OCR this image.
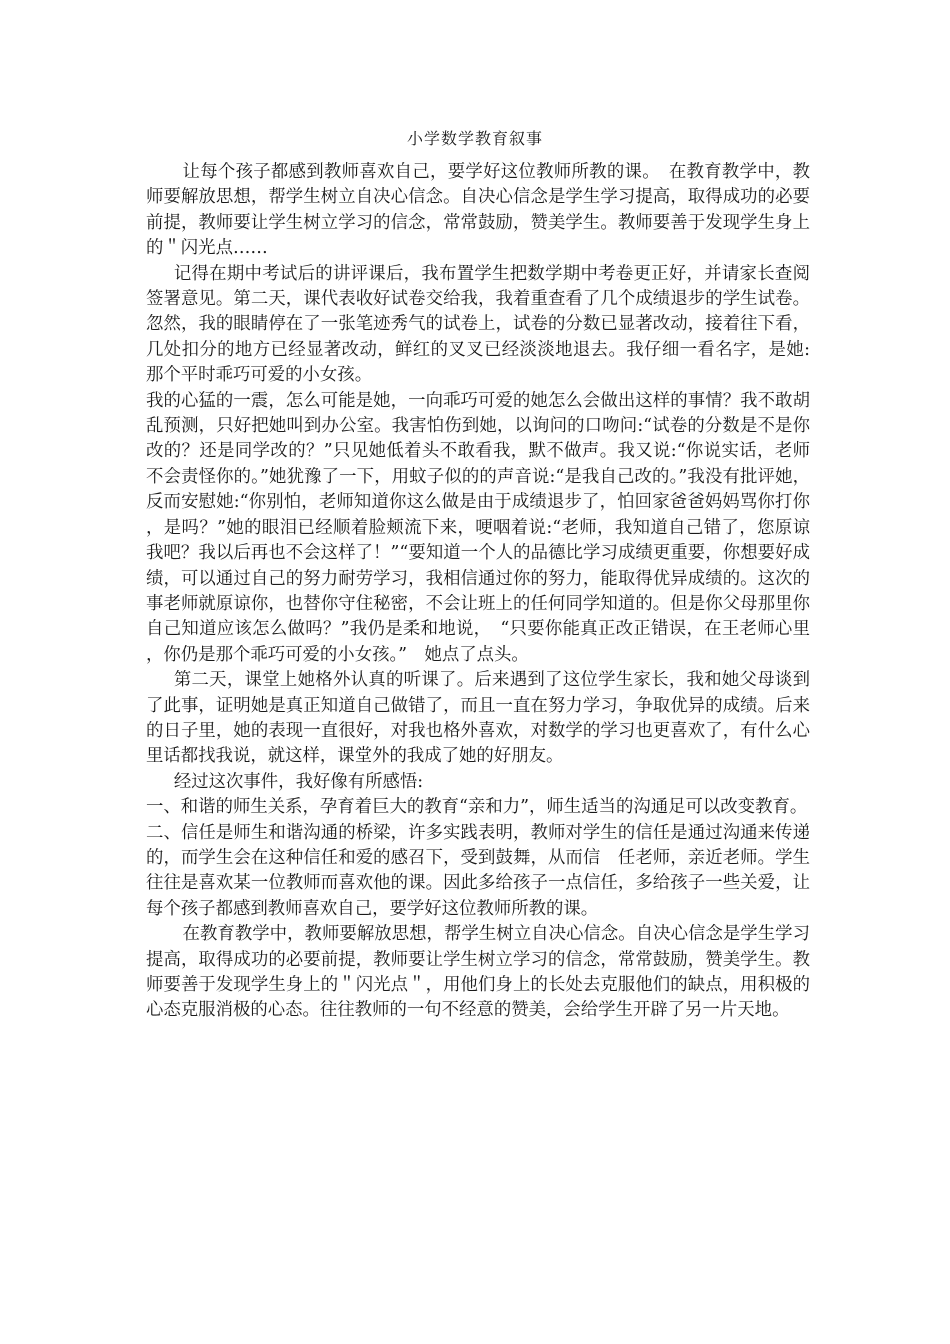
小学数学教育叙事

让每个孩子都感到教师喜欢自己，要学好这位教师所教的课。　在教育教学中，教师要解放思想，帮学生树立自决心信念。自决心信念是学生学习提高，取得成功的必要前提，教师要让学生树立学习的信念，常常鼓励，赞美学生。教师要善于发现学生身上的＂闪光点……

记得在期中考试后的讲评课后，我布置学生把数学期中考卷更正好，并请家长查阅签署意见。第二天，课代表收好试卷交给我，我着重查看了几个成绩退步的学生试卷。忽然，我的眼睛停在了一张笔迹秀气的试卷上，试卷的分数已显著改动，接着往下看，几处扣分的地方已经显著改动，鲜红的叉叉已经淡淡地退去。我仔细一看名字，是她:那个平时乖巧可爱的小女孩。

我的心猛的一震，怎么可能是她，一向乖巧可爱的她怎么会做出这样的事情？我不敢胡乱预测，只好把她叫到办公室。我害怕伤到她，以询问的口吻问:“试卷的分数是不是你改的？还是同学改的？”只见她低着头不敢看我，默不做声。我又说:“你说实话，老师不会责怪你的。”她犹豫了一下，用蚊子似的的声音说:“是我自己改的。”我没有批评她，反而安慰她:“你别怕，老师知道你这么做是由于成绩退步了，怕回家爸爸妈妈骂你打你，是吗？”她的眼泪已经顺着脸颊流下来，哽咽着说:“老师，我知道自己错了，您原谅我吧？我以后再也不会这样了！”“要知道一个人的品德比学习成绩更重要，你想要好成绩，可以通过自己的努力耐劳学习，我相信通过你的努力，能取得优异成绩的。这次的事老师就原谅你，也替你守住秘密，不会让班上的任何同学知道的。但是你父母那里你自己知道应该怎么做吗？”我仍是柔和地说，　“只要你能真正改正错误，在王老师心里，你仍是那个乖巧可爱的小女孩。”　她点了点头。

第二天，课堂上她格外认真的听课了。后来遇到了这位学生家长，我和她父母谈到了此事，证明她是真正知道自己做错了，而且一直在努力学习，争取优异的成绩。后来的日子里，她的表现一直很好，对我也格外喜欢，对数学的学习也更喜欢了，有什么心里话都找我说，就这样，课堂外的我成了她的好朋友。

经过这次事件，我好像有所感悟:

一、和谐的师生关系，孕育着巨大的教育“亲和力”，师生适当的沟通足可以改变教育。

二、信任是师生和谐沟通的桥梁，许多实践表明，教师对学生的信任是通过沟通来传递的，而学生会在这种信任和爱的感召下，受到鼓舞，从而信　任老师，亲近老师。学生往往是喜欢某一位教师而喜欢他的课。因此多给孩子一点信任，多给孩子一些关爱，让每个孩子都感到教师喜欢自己，要学好这位教师所教的课。

在教育教学中，教师要解放思想，帮学生树立自决心信念。自决心信念是学生学习提高，取得成功的必要前提，教师要让学生树立学习的信念，常常鼓励，赞美学生。教师要善于发现学生身上的＂闪光点＂，用他们身上的长处去克服他们的缺点，用积极的心态克服消极的心态。往往教师的一句不经意的赞美，会给学生开辟了另一片天地。
